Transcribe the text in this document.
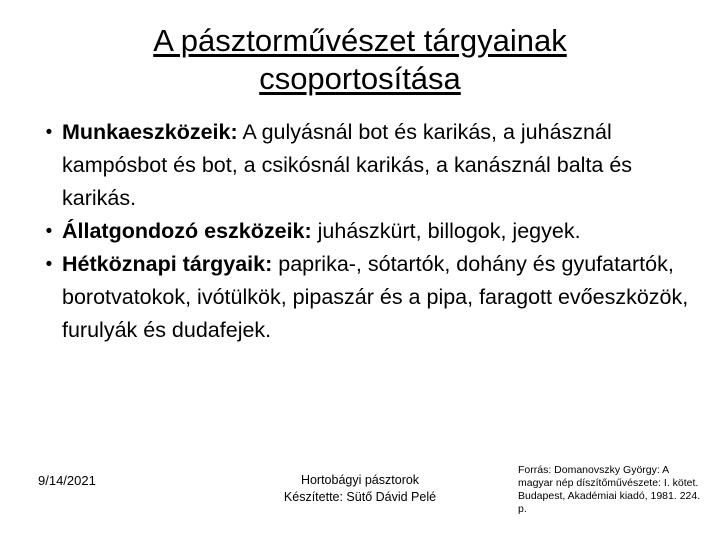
A pásztorművészet tárgyainak
csoportosítása
• Munkaeszközeik: A gulyásnál bot és karikás, a juhásznál kampósbot és bot, a csikósnál karikás, a kanásznál balta és karikás.
• Állatgondozó eszközeik: juhászkürt, billogok, jegyek.
• Hétköznapi tárgyaik: paprika-, sótartók, dohány és gyufatartók, borotvatokok, ivótülkök, pipaszár és a pipa, faragott evőeszközök, furulyák és dudafejek.
9/14/2021	Hortobágyi pásztorok
Készítette: Sütő Dávid Pelé
Forrás: Domanovszky György: A magyar nép díszítőművészete: I. kötet. Budapest, Akadémiai kiadó, 1981. 224. p.
